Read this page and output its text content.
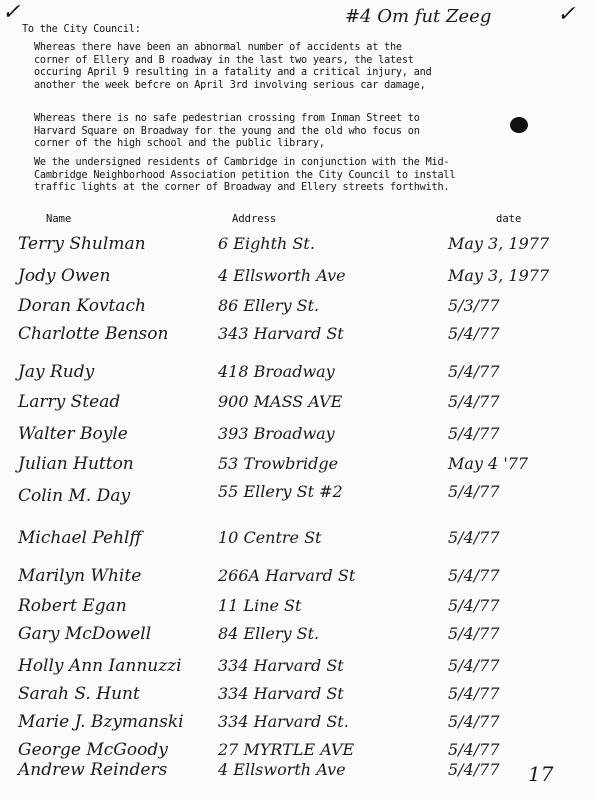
✓	#4 Om fut Zeeg	✓
To the City Council:
Whereas there have been an abnormal number of accidents at the
corner of Ellery and B roadway in the last two years, the latest
occuring April 9 resulting in a fatality and a critical injury, and
another the week befcre on April 3rd involving serious car damage,
Whereas there is no safe pedestrian crossing from Inman Street to
Harvard Square on Broadway for the young and the old who focus on
corner of the high school and the public library,
We the undersigned residents of Cambridge in conjunction with the Mid-
Cambridge Neighborhood Association petition the City Council to install
traffic lights at the corner of Broadway and Ellery streets forthwith.
Name	Address	date
Terry Shulman	6 Eighth St.	May 3, 1977
Jody Owen	4 Ellsworth Ave	May 3, 1977
Doran Kovtach	86 Ellery St.	5/3/77
Charlotte Benson	343 Harvard St	5/4/77
Jay Rudy	418 Broadway	5/4/77
Larry Stead	900 MASS AVE	5/4/77
Walter Boyle	393 Broadway	5/4/77
Julian Hutton	53 Trowbridge	May 4 '77
Colin M. Day	55 Ellery St #2	5/4/77
Michael Pehlff	10 Centre St	5/4/77
Marilyn White	266A Harvard St	5/4/77
Robert Egan	11 Line St	5/4/77
Gary McDowell	84 Ellery St.	5/4/77
Holly Ann Iannuzzi	334 Harvard St	5/4/77
Sarah S. Hunt	334 Harvard St	5/4/77
Marie J. Bzymanski	334 Harvard St.	5/4/77
George McGoody	27 MYRTLE AVE	5/4/77
Andrew Reinders	4 Ellsworth Ave	5/4/77	17
